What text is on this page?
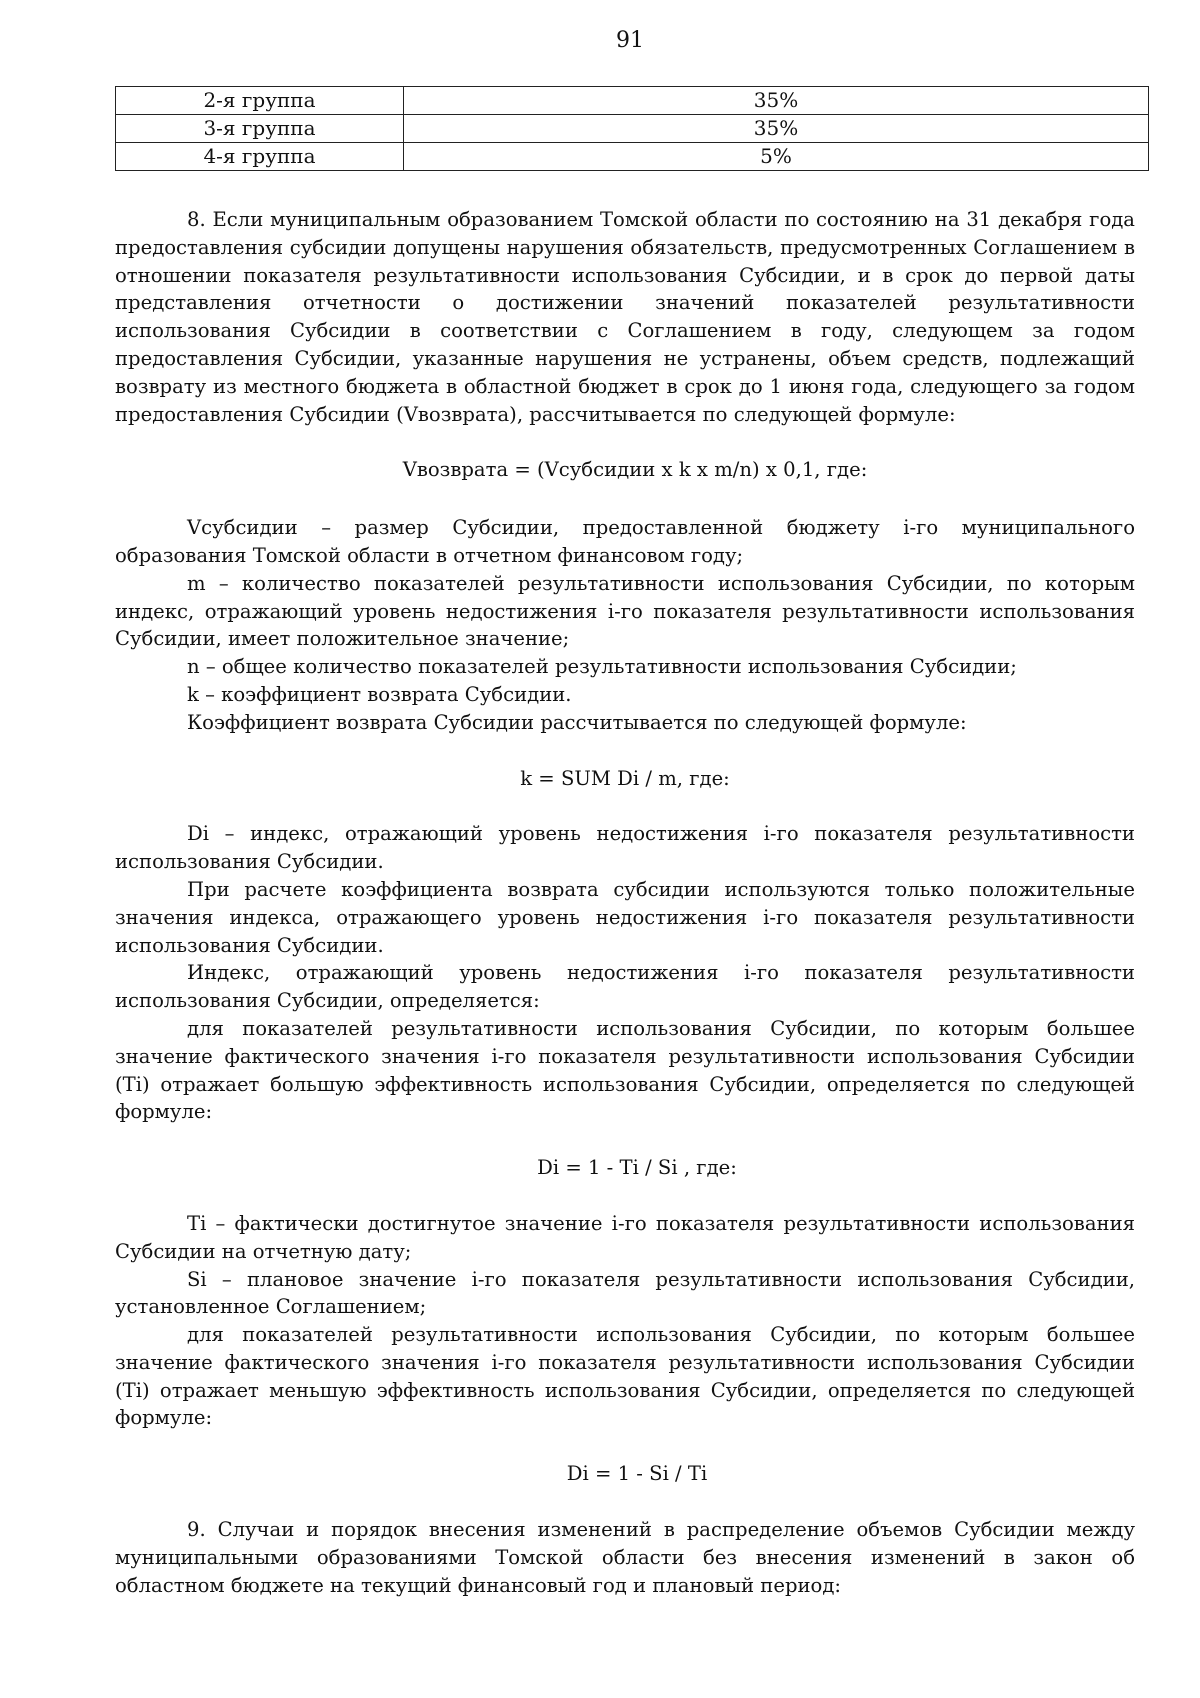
91
2-я группа	35%
3-я группа	35%
4-я группа	5%

8. Если муниципальным образованием Томской области по состоянию на 31 декабря года предоставления субсидии допущены нарушения обязательств, предусмотренных Соглашением в отношении показателя результативности использования Субсидии, и в срок до первой даты представления отчетности о достижении значений показателей результативности использования Субсидии в соответствии с Соглашением в году, следующем за годом предоставления Субсидии, указанные нарушения не устранены, объем средств, подлежащий возврату из местного бюджета в областной бюджет в срок до 1 июня года, следующего за годом предоставления Субсидии (Vвозврата), рассчитывается по следующей формуле:

Vвозврата = (Vсубсидии x k x m/n) x 0,1, где:

Vсубсидии – размер Субсидии, предоставленной бюджету i-го муниципального образования Томской области в отчетном финансовом году;

m – количество показателей результативности использования Субсидии, по которым индекс, отражающий уровень недостижения i-го показателя результативности использования Субсидии, имеет положительное значение;

n – общее количество показателей результативности использования Субсидии;

k – коэффициент возврата Субсидии.

Коэффициент возврата Субсидии рассчитывается по следующей формуле:

k = SUM Di / m, где:

Di – индекс, отражающий уровень недостижения i-го показателя результативности использования Субсидии.

При расчете коэффициента возврата субсидии используются только положительные значения индекса, отражающего уровень недостижения i-го показателя результативности использования Субсидии.

Индекс, отражающий уровень недостижения i-го показателя результативности использования Субсидии, определяется:

для показателей результативности использования Субсидии, по которым большее значение фактического значения i-го показателя результативности использования Субсидии (Ti) отражает большую эффективность использования Субсидии, определяется по следующей формуле:

Di = 1 - Ti / Si , где:

Ti – фактически достигнутое значение i-го показателя результативности использования Субсидии на отчетную дату;

Si – плановое значение i-го показателя результативности использования Субсидии, установленное Соглашением;

для показателей результативности использования Субсидии, по которым большее значение фактического значения i-го показателя результативности использования Субсидии (Ti) отражает меньшую эффективность использования Субсидии, определяется по следующей формуле:

Di = 1 - Si / Ti

9. Случаи и порядок внесения изменений в распределение объемов Субсидии между муниципальными образованиями Томской области без внесения изменений в закон об областном бюджете на текущий финансовый год и плановый период:
